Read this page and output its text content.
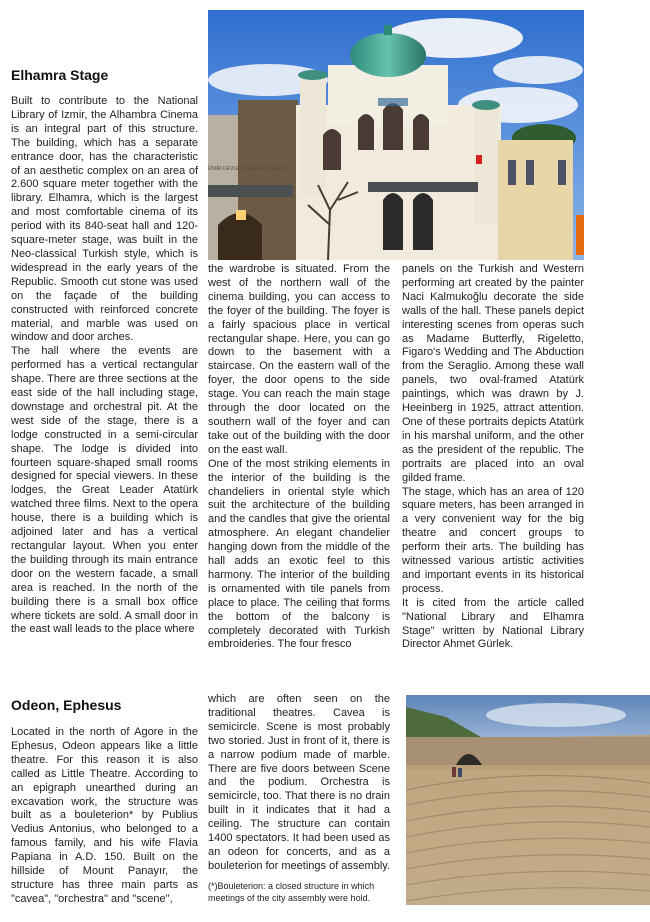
Elhamra Stage
İZMİR DEVLET OPERA ve BALESİ

Built to contribute to the National Library of Izmir, the Alhambra Cinema is an integral part of this structure. The building, which has a separate entrance door, has the characteristic of an aesthetic complex on an area of 2.600 square meter together with the library. Elhamra, which is the largest and most comfortable cinema of its period with its 840-seat hall and 120-square-meter stage, was built in the Neo-classical Turkish style, which is widespread in the early years of the Republic. Smooth cut stone was used on the façade of the building constructed with reinforced concrete material, and marble was used on window and door arches.

The hall where the events are performed has a vertical rectangular shape. There are three sections at the east side of the hall including stage, downstage and orchestral pit. At the west side of the stage, there is a lodge constructed in a semi-circular shape. The lodge is divided into fourteen square-shaped small rooms designed for special viewers. In these lodges, the Great Leader Atatürk watched three films. Next to the opera house, there is a building which is adjoined later and has a vertical rectangular layout. When you enter the building through its main entrance door on the western facade, a small area is reached. In the north of the building there is a small box office where tickets are sold. A small door in the east wall leads to the place where

the wardrobe is situated. From the west of the northern wall of the cinema building, you can access to the foyer of the building. The foyer is a fairly spacious place in vertical rectangular shape. Here, you can go down to the basement with a staircase. On the eastern wall of the foyer, the door opens to the side stage. You can reach the main stage through the door located on the southern wall of the foyer and can take out of the building with the door on the east wall.

One of the most striking elements in the interior of the building is the chandeliers in oriental style which suit the architecture of the building and the candles that give the oriental atmosphere. An elegant chandelier hanging down from the middle of the hall adds an exotic feel to this harmony. The interior of the building is ornamented with tile panels from place to place. The ceiling that forms the bottom of the balcony is completely decorated with Turkish embroideries. The four fresco

panels on the Turkish and Western performing art created by the painter Naci Kalmukoğlu decorate the side walls of the hall. These panels depict interesting scenes from operas such as Madame Butterfly, Rigeletto, Figaro's Wedding and The Abduction from the Seraglio. Among these wall panels, two oval-framed Atatürk paintings, which was drawn by J. Heeinberg in 1925, attract attention. One of these portraits depicts Atatürk in his marshal uniform, and the other as the president of the republic. The portraits are placed into an oval gilded frame.

The stage, which has an area of 120 square meters, has been arranged in a very convenient way for the big theatre and concert groups to perform their arts. The building has witnessed various artistic activities and important events in its historical process.

It is cited from the article called "National Library and Elhamra Stage" written by National Library Director Ahmet Gürlek.

Odeon, Ephesus

Located in the north of Agore in the Ephesus, Odeon appears like a little theatre. For this reason it is also called as Little Theatre. According to an epigraph unearthed during an excavation work, the structure was built as a bouleterion* by Publius Vedius Antonius, who belonged to a famous family, and his wife Flavia Papiana in A.D. 150. Built on the hillside of Mount Panayır, the structure has three main parts as "cavea", "orchestra" and "scene",

which are often seen on the traditional theatres. Cavea is semicircle. Scene is most probably two storied. Just in front of it, there is a narrow podium made of marble. There are five doors between Scene and the podium. Orchestra is semicircle, too. That there is no drain built in it indicates that it had a ceiling. The structure can contain 1400 spectators. It had been used as an odeon for concerts, and as a bouleterion for meetings of assembly.

(*)Bouleterion: a closed structure in which meetings of the city assembly were hold.
